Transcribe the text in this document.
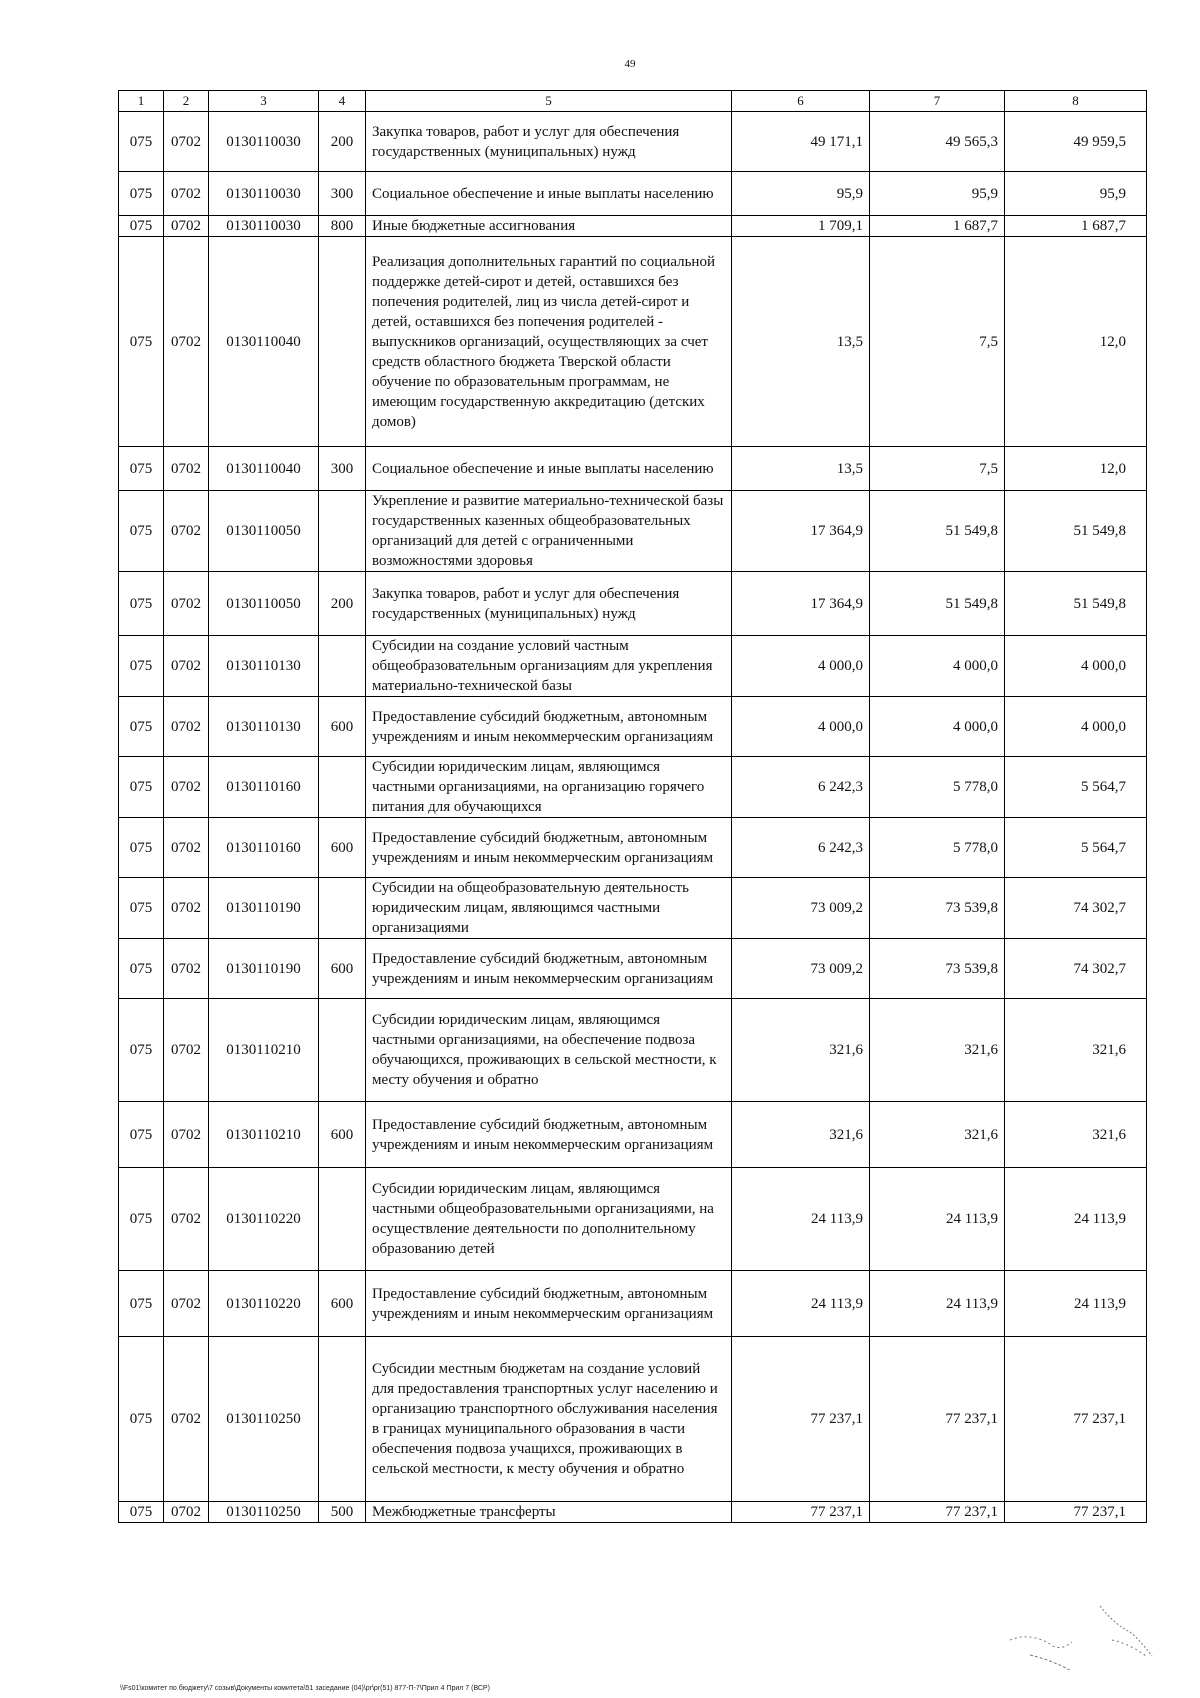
49
1	2	3	4	5	6	7	8
075	0702	0130110030	200	Закупка товаров, работ и услуг для обеспечения государственных (муниципальных) нужд	49 171,1	49 565,3	49 959,5
075	0702	0130110030	300	Социальное обеспечение и иные выплаты населению	95,9	95,9	95,9
075	0702	0130110030	800	Иные бюджетные ассигнования	1 709,1	1 687,7	1 687,7
075	0702	0130110040		Реализация дополнительных гарантий по социальной поддержке детей-сирот и детей, оставшихся без попечения родителей, лиц из числа детей-сирот и детей, оставшихся без попечения родителей - выпускников организаций, осуществляющих за счет средств областного бюджета Тверской области обучение по образовательным программам, не имеющим государственную аккредитацию (детских домов)	13,5	7,5	12,0
075	0702	0130110040	300	Социальное обеспечение и иные выплаты населению	13,5	7,5	12,0
075	0702	0130110050		Укрепление и развитие материально-технической базы государственных казенных общеобразовательных организаций для детей с ограниченными возможностями здоровья	17 364,9	51 549,8	51 549,8
075	0702	0130110050	200	Закупка товаров, работ и услуг для обеспечения государственных (муниципальных) нужд	17 364,9	51 549,8	51 549,8
075	0702	0130110130		Субсидии на создание условий частным общеобразовательным организациям для укрепления материально-технической базы	4 000,0	4 000,0	4 000,0
075	0702	0130110130	600	Предоставление субсидий бюджетным, автономным учреждениям и иным некоммерческим организациям	4 000,0	4 000,0	4 000,0
075	0702	0130110160		Субсидии юридическим лицам, являющимся частными организациями, на организацию горячего питания для обучающихся	6 242,3	5 778,0	5 564,7
075	0702	0130110160	600	Предоставление субсидий бюджетным, автономным учреждениям и иным некоммерческим организациям	6 242,3	5 778,0	5 564,7
075	0702	0130110190		Субсидии на общеобразовательную деятельность юридическим лицам, являющимся частными организациями	73 009,2	73 539,8	74 302,7
075	0702	0130110190	600	Предоставление субсидий бюджетным, автономным учреждениям и иным некоммерческим организациям	73 009,2	73 539,8	74 302,7
075	0702	0130110210		Субсидии юридическим лицам, являющимся частными организациями, на обеспечение подвоза обучающихся, проживающих в сельской местности, к месту обучения и обратно	321,6	321,6	321,6
075	0702	0130110210	600	Предоставление субсидий бюджетным, автономным учреждениям и иным некоммерческим организациям	321,6	321,6	321,6
075	0702	0130110220		Субсидии юридическим лицам, являющимся частными общеобразовательными организациями, на осуществление деятельности по дополнительному образованию детей	24 113,9	24 113,9	24 113,9
075	0702	0130110220	600	Предоставление субсидий бюджетным, автономным учреждениям и иным некоммерческим организациям	24 113,9	24 113,9	24 113,9
075	0702	0130110250		Субсидии местным бюджетам на создание условий для предоставления транспортных услуг населению и организацию транспортного обслуживания населения в границах муниципального образования в части обеспечения подвоза учащихся, проживающих в сельской местности, к месту обучения и обратно	77 237,1	77 237,1	77 237,1
075	0702	0130110250	500	Межбюджетные трансферты	77 237,1	77 237,1	77 237,1
\\Fs01\комитет по бюджету\7 созыв\Документы комитета\51 заседание (04)\pr\pr(51) 877-П-7\Прил 4 Прил 7 (ВСР)
